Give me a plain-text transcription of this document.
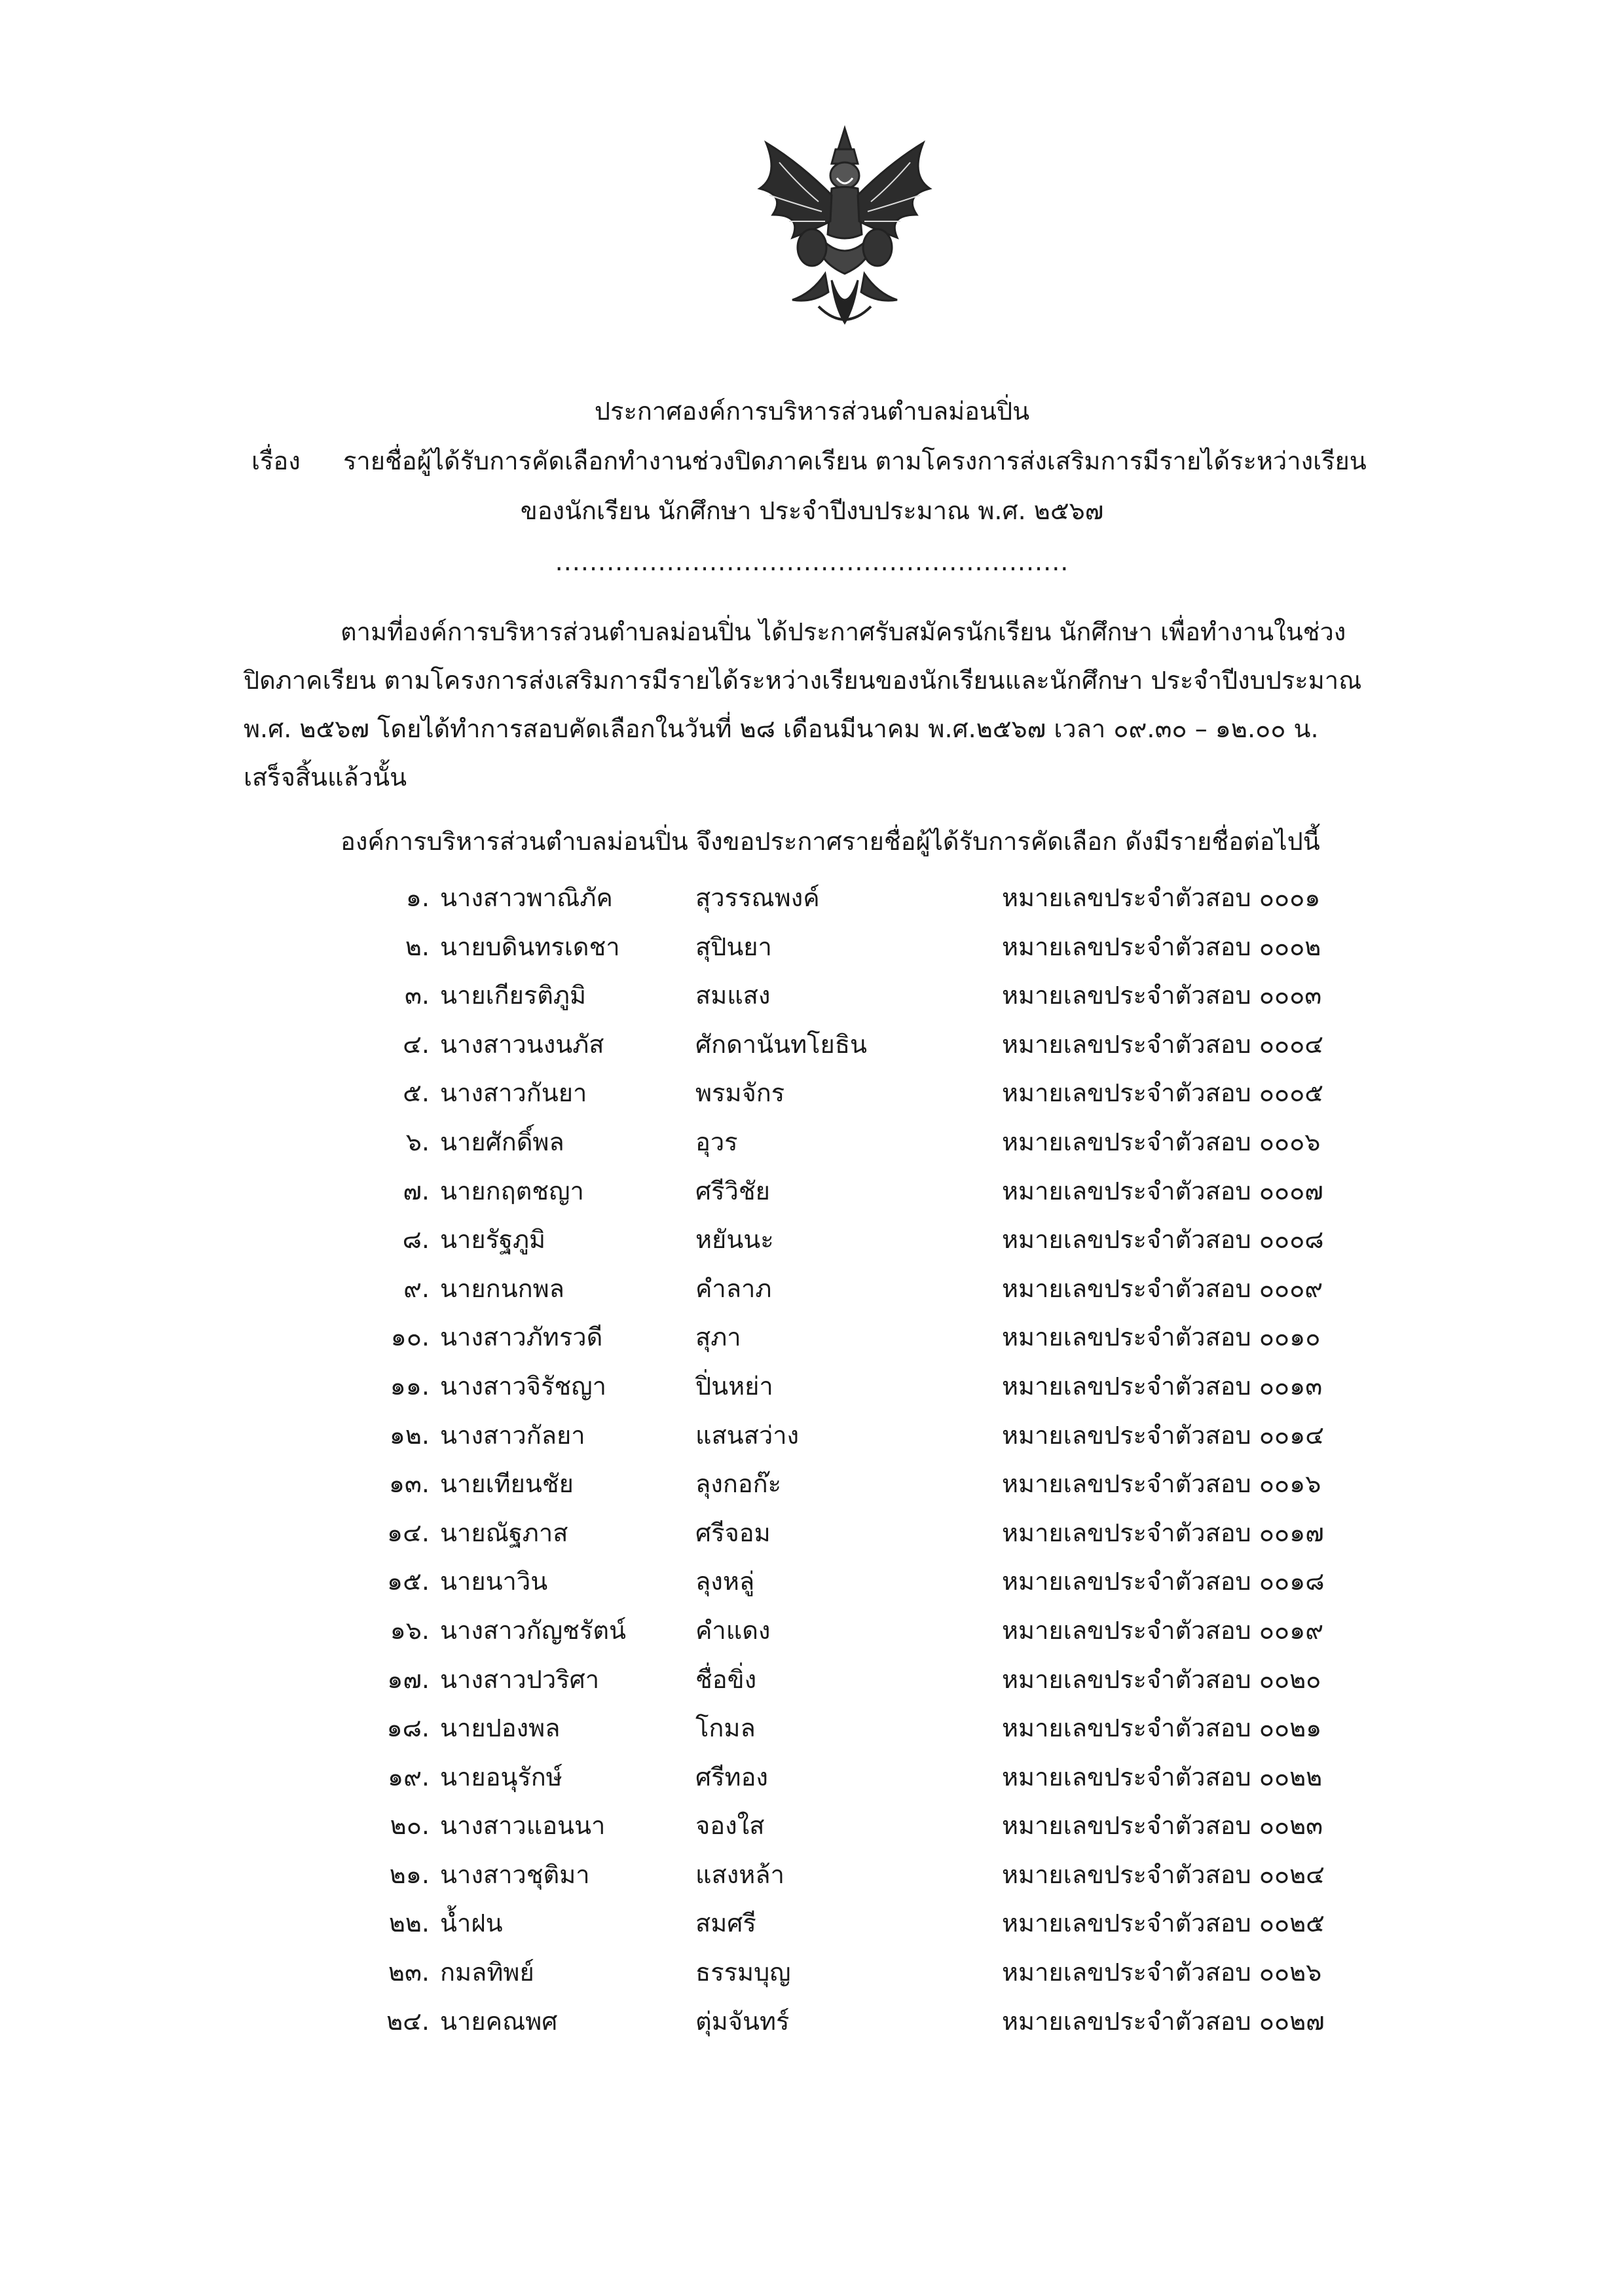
ประกาศองค์การบริหารส่วนตำบลม่อนปิ่น
เรื่อง รายชื่อผู้ได้รับการคัดเลือกทำงานช่วงปิดภาคเรียน ตามโครงการส่งเสริมการมีรายได้ระหว่างเรียน
ของนักเรียน นักศึกษา ประจำปีงบประมาณ พ.ศ. ๒๕๖๗
............................................................
ตามที่องค์การบริหารส่วนตำบลม่อนปิ่น ได้ประกาศรับสมัครนักเรียน นักศึกษา เพื่อทำงานในช่วง
ปิดภาคเรียน ตามโครงการส่งเสริมการมีรายได้ระหว่างเรียนของนักเรียนและนักศึกษา ประจำปีงบประมาณ
พ.ศ. ๒๕๖๗ โดยได้ทำการสอบคัดเลือกในวันที่ ๒๘ เดือนมีนาคม พ.ศ.๒๕๖๗ เวลา ๐๙.๓๐ – ๑๒.๐๐ น.
เสร็จสิ้นแล้วนั้น
องค์การบริหารส่วนตำบลม่อนปิ่น จึงขอประกาศรายชื่อผู้ได้รับการคัดเลือก ดังมีรายชื่อต่อไปนี้
๑. นางสาวพาณิภัค	สุวรรณพงค์	หมายเลขประจำตัวสอบ ๐๐๐๑
๒. นายบดินทรเดชา	สุปินยา	หมายเลขประจำตัวสอบ ๐๐๐๒
๓. นายเกียรติภูมิ	สมแสง	หมายเลขประจำตัวสอบ ๐๐๐๓
๔. นางสาวนงนภัส	ศักดานันทโยธิน	หมายเลขประจำตัวสอบ ๐๐๐๔
๕. นางสาวกันยา	พรมจักร	หมายเลขประจำตัวสอบ ๐๐๐๕
๖. นายศักดิ์พล	อุวร	หมายเลขประจำตัวสอบ ๐๐๐๖
๗. นายกฤตชญา	ศรีวิชัย	หมายเลขประจำตัวสอบ ๐๐๐๗
๘. นายรัฐภูมิ	หยันนะ	หมายเลขประจำตัวสอบ ๐๐๐๘
๙. นายกนกพล	คำลาภ	หมายเลขประจำตัวสอบ ๐๐๐๙
๑๐. นางสาวภัทรวดี	สุภา	หมายเลขประจำตัวสอบ ๐๐๑๐
๑๑. นางสาวจิรัชญา	ปิ่นหย่า	หมายเลขประจำตัวสอบ ๐๐๑๓
๑๒. นางสาวกัลยา	แสนสว่าง	หมายเลขประจำตัวสอบ ๐๐๑๔
๑๓. นายเทียนชัย	ลุงกอก๊ะ	หมายเลขประจำตัวสอบ ๐๐๑๖
๑๔. นายณัฐภาส	ศรีจอม	หมายเลขประจำตัวสอบ ๐๐๑๗
๑๕. นายนาวิน	ลุงหลู่	หมายเลขประจำตัวสอบ ๐๐๑๘
๑๖. นางสาวกัญชรัตน์	คำแดง	หมายเลขประจำตัวสอบ ๐๐๑๙
๑๗. นางสาวปวริศา	ชื่อขิ่ง	หมายเลขประจำตัวสอบ ๐๐๒๐
๑๘. นายปองพล	โกมล	หมายเลขประจำตัวสอบ ๐๐๒๑
๑๙. นายอนุรักษ์	ศรีทอง	หมายเลขประจำตัวสอบ ๐๐๒๒
๒๐. นางสาวแอนนา	จองใส	หมายเลขประจำตัวสอบ ๐๐๒๓
๒๑. นางสาวชุติมา	แสงหล้า	หมายเลขประจำตัวสอบ ๐๐๒๔
๒๒. น้ำฝน	สมศรี	หมายเลขประจำตัวสอบ ๐๐๒๕
๒๓. กมลทิพย์	ธรรมบุญ	หมายเลขประจำตัวสอบ ๐๐๒๖
๒๔. นายคณพศ	ตุ่มจันทร์	หมายเลขประจำตัวสอบ ๐๐๒๗
